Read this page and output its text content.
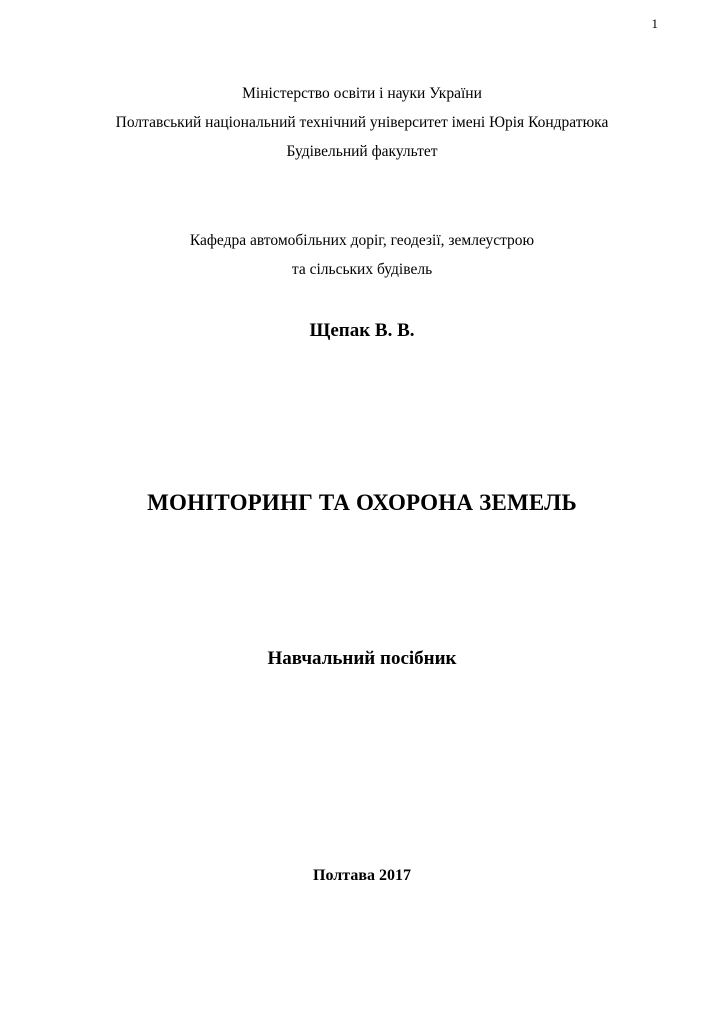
1
Міністерство освіти і науки України
Полтавський національний технічний університет імені Юрія Кондратюка
Будівельний факультет
Кафедра автомобільних доріг, геодезії, землеустрою
та сільських будівель
Щепак В. В.
МОНІТОРИНГ ТА ОХОРОНА ЗЕМЕЛЬ
Навчальний посібник
Полтава 2017
